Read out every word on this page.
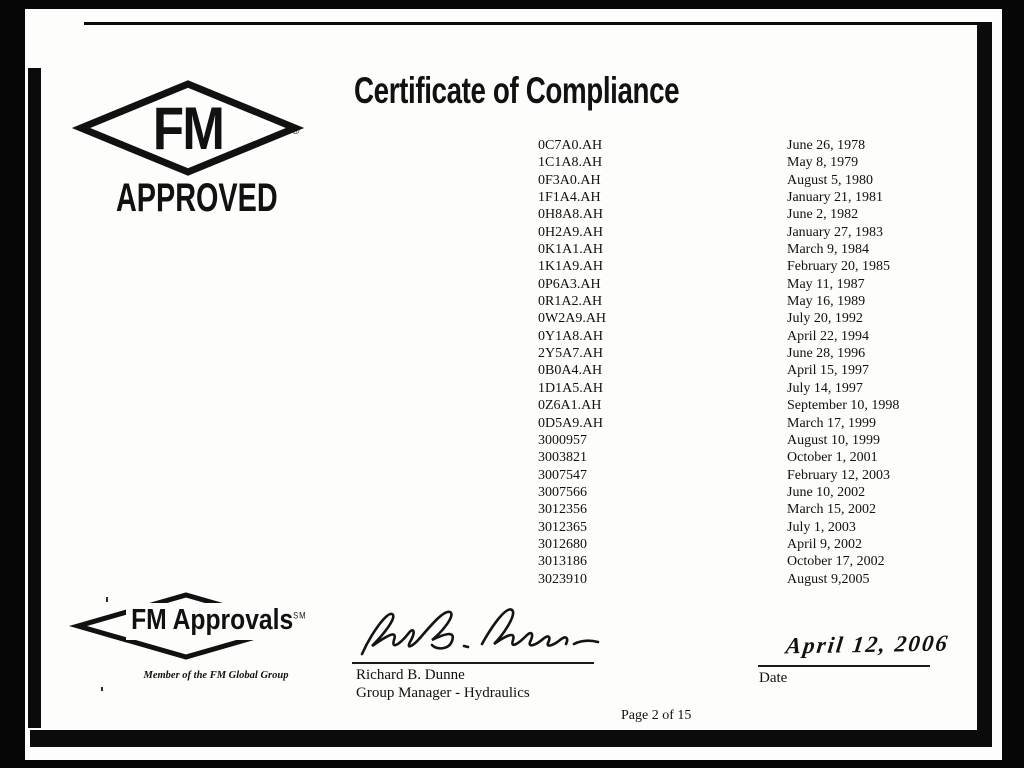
FM	®
APPROVED
Certificate of Compliance
0C7A0.AH	June 26, 1978
1C1A8.AH	May 8, 1979
0F3A0.AH	August 5, 1980
1F1A4.AH	January 21, 1981
0H8A8.AH	June 2, 1982
0H2A9.AH	January 27, 1983
0K1A1.AH	March 9, 1984
1K1A9.AH	February 20, 1985
0P6A3.AH	May 11, 1987
0R1A2.AH	May 16, 1989
0W2A9.AH	July 20, 1992
0Y1A8.AH	April 22, 1994
2Y5A7.AH	June 28, 1996
0B0A4.AH	April 15, 1997
1D1A5.AH	July 14, 1997
0Z6A1.AH	September 10, 1998
0D5A9.AH	March 17, 1999
3000957	August 10, 1999
3003821	October 1, 2001
3007547	February 12, 2003
3007566	June 10, 2002
3012356	March 15, 2002
3012365	July 1, 2003
3012680	April 9, 2002
3013186	October 17, 2002
3023910	August 9,2005
Richard B. Dunne
Group Manager - Hydraulics
April 12, 2006
Date
FM Approvals℠
Member of the FM Global Group
Page 2 of 15
